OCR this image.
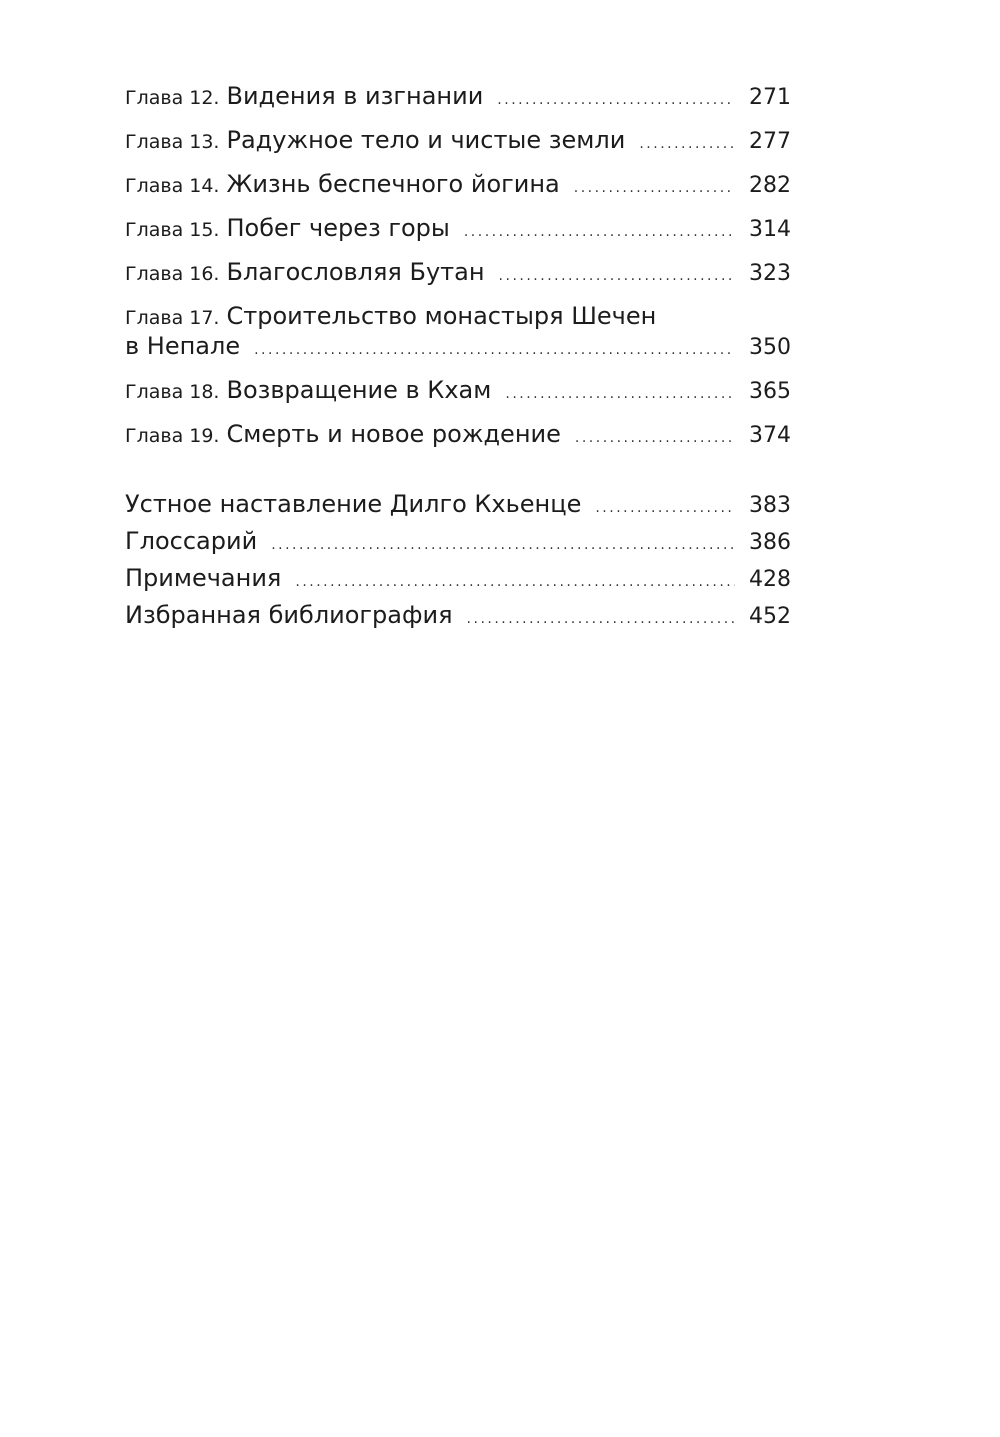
Глава 12. Видения в изгнании .....	271
Глава 13. Радужное тело и чистые земли .....	277
Глава 14. Жизнь беспечного йогина .....	282
Глава 15. Побег через горы .....	314
Глава 16. Благословляя Бутан .....	323
Глава 17. Строительство монастыря Шечен
в Непале .....	350
Глава 18. Возвращение в Кхам .....	365
Глава 19. Смерть и новое рождение .....	374
Устное наставление Дилго Кхьенце .....	383
Глоссарий .....	386
Примечания .....	428
Избранная библиография .....	452
